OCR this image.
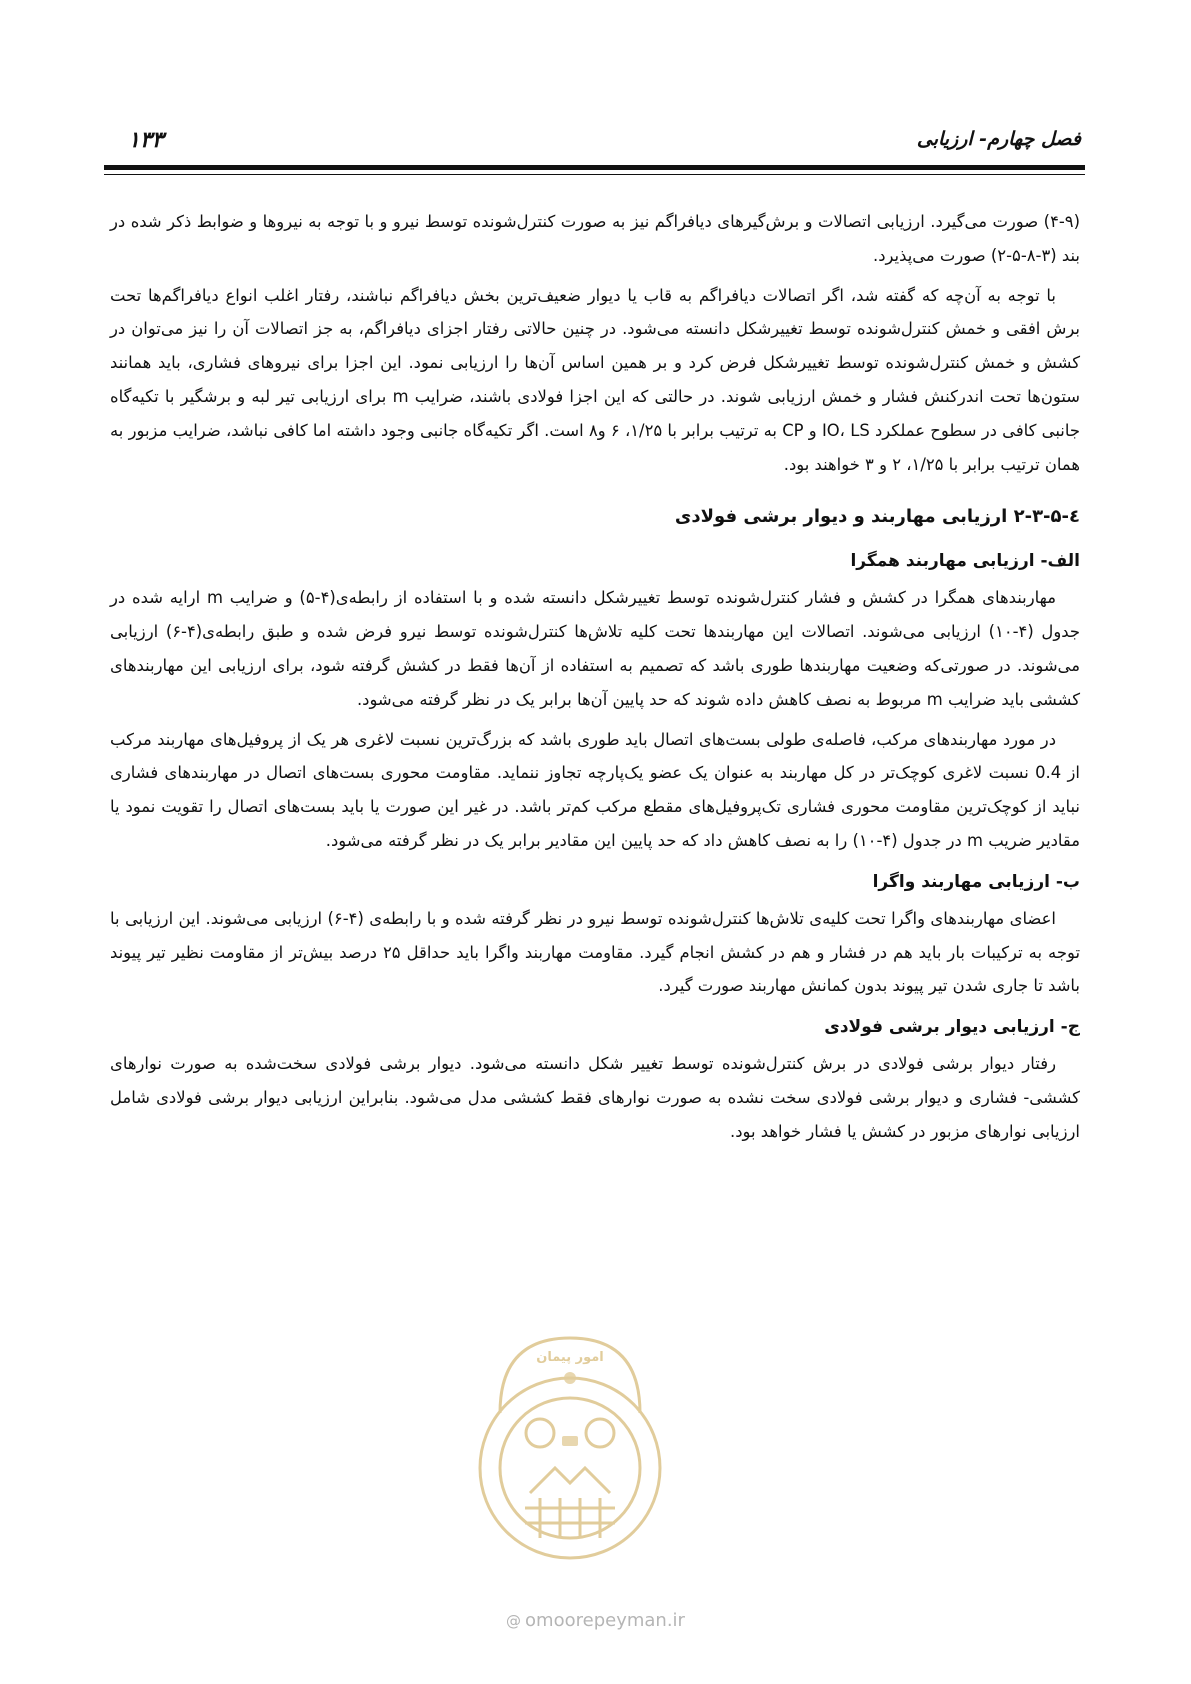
فصل چهارم- ارزیابی
۱۳۳

(۴-۹) صورت می‌گیرد. ارزیابی اتصالات و برش‌گیرهای دیافراگم نیز به صورت کنترل‌شونده توسط نیرو و با توجه به نیروها و ضوابط ذکر شده در بند (۳-۸-۵-۲) صورت می‌پذیرد.

با توجه به آن‌چه که گفته شد، اگر اتصالات دیافراگم به قاب یا دیوار ضعیف‌ترین بخش دیافراگم نباشند، رفتار اغلب انواع دیافراگم‌ها تحت برش افقی و خمش کنترل‌شونده توسط تغییرشکل دانسته می‌شود. در چنین حالاتی رفتار اجزای دیافراگم، به جز اتصالات آن را نیز می‌توان در کشش و خمش کنترل‌شونده توسط تغییرشکل فرض کرد و بر همین اساس آن‌ها را ارزیابی نمود. این اجزا برای نیروهای فشاری، باید همانند ستون‌ها تحت اندرکنش فشار و خمش ارزیابی شوند. در حالتی که این اجزا فولادی باشند، ضرایب m برای ارزیابی تیر لبه و برشگیر با تکیه‌گاه جانبی کافی در سطوح عملکرد IO، LS و CP به ترتیب برابر با ۱/۲۵، ۶ و۸ است. اگر تکیه‌گاه جانبی وجود داشته اما کافی نباشد، ضرایب مزبور به همان ترتیب برابر با ۱/۲۵، ۲ و ۳ خواهند بود.

٤-۲-۳-۵ ارزیابی مهاربند و دیوار برشی فولادی
الف- ارزیابی مهاربند همگرا

مهاربندهای همگرا در کشش و فشار کنترل‌شونده توسط تغییرشکل دانسته شده و با استفاده از رابطه‌ی(۴-۵) و ضرایب m ارایه شده در جدول (۴-۱۰) ارزیابی می‌شوند. اتصالات این مهاربندها تحت کلیه تلاش‌ها کنترل‌شونده توسط نیرو فرض شده و طبق رابطه‌ی(۴-۶) ارزیابی می‌شوند. در صورتی‌که وضعیت مهاربندها طوری باشد که تصمیم به استفاده از آن‌ها فقط در کشش گرفته شود، برای ارزیابی این مهاربندهای کششی باید ضرایب m مربوط به نصف کاهش داده شوند که حد پایین آن‌ها برابر یک در نظر گرفته می‌شود.

در مورد مهاربندهای مرکب، فاصله‌ی طولی بست‌های اتصال باید طوری باشد که بزرگ‌ترین نسبت لاغری هر یک از پروفیل‌های مهاربند مرکب از 0.4 نسبت لاغری کوچک‌تر در کل مهاربند به عنوان یک عضو یک‌پارچه تجاوز ننماید. مقاومت محوری بست‌های اتصال در مهاربندهای فشاری نباید از کوچک‌ترین مقاومت محوری فشاری تک‌پروفیل‌های مقطع مرکب کم‌تر باشد. در غیر این صورت یا باید بست‌های اتصال را تقویت نمود یا مقادیر ضریب m در جدول (۴-۱۰) را به نصف کاهش داد که حد پایین این مقادیر برابر یک در نظر گرفته می‌شود.

ب- ارزیابی مهاربند واگرا

اعضای مهاربندهای واگرا تحت کلیه‌ی تلاش‌ها کنترل‌شونده توسط نیرو در نظر گرفته شده و با رابطه‌ی (۴-۶) ارزیابی می‌شوند. این ارزیابی با توجه به ترکیبات بار باید هم در فشار و هم در کشش انجام گیرد. مقاومت مهاربند واگرا باید حداقل ۲۵ درصد بیش‌تر از مقاومت نظیر تیر پیوند باشد تا جاری شدن تیر پیوند بدون کمانش مهاربند صورت گیرد.

ج- ارزیابی دیوار برشی فولادی

رفتار دیوار برشی فولادی در برش کنترل‌شونده توسط تغییر شکل دانسته می‌شود. دیوار برشی فولادی سخت‌شده به صورت نوارهای کششی- فشاری و دیوار برشی فولادی سخت نشده به صورت نوارهای فقط کششی مدل می‌شود. بنابراین ارزیابی دیوار برشی فولادی شامل ارزیابی نوارهای مزبور در کشش یا فشار خواهد بود.

امور پیمان
@ omoorepeyman.ir
